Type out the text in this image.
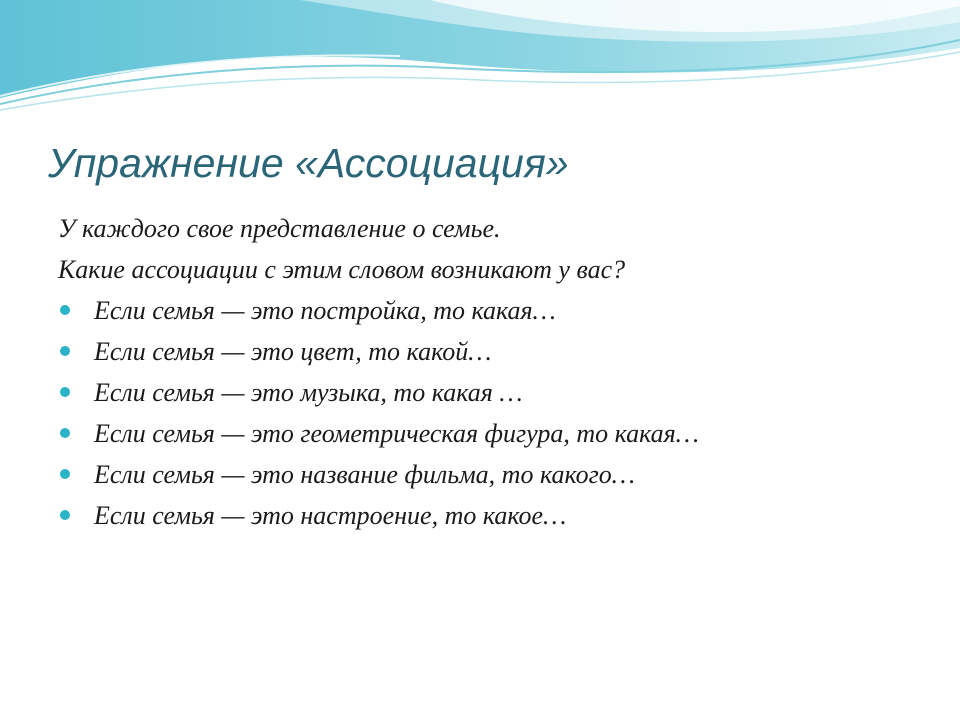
Упражнение «Ассоциация»

У каждого свое представление о семье.

Какие ассоциации с этим словом возникают у вас?

Если семья — это постройка, то какая…
Если семья — это цвет, то какой…
Если семья — это музыка, то какая …
Если семья — это геометрическая фигура, то какая…
Если семья — это название фильма, то какого…
Если семья — это настроение, то какое…
